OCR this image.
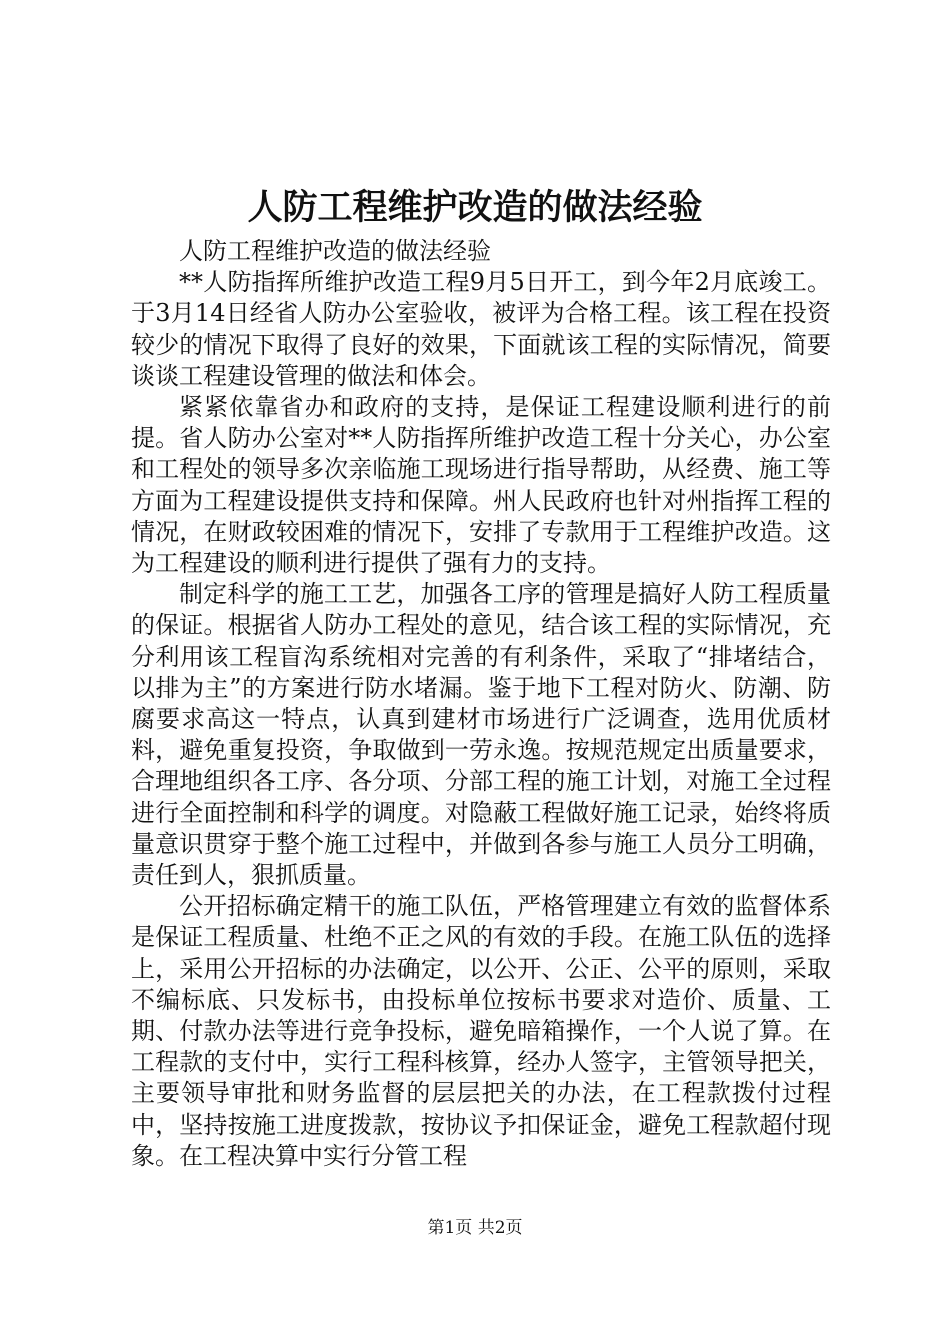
人防工程维护改造的做法经验

人防工程维护改造的做法经验

**人防指挥所维护改造工程9月5日开工，到今年2月底竣工。于3月14日经省人防办公室验收，被评为合格工程。该工程在投资较少的情况下取得了良好的效果，下面就该工程的实际情况，简要谈谈工程建设管理的做法和体会。

紧紧依靠省办和政府的支持，是保证工程建设顺利进行的前提。省人防办公室对**人防指挥所维护改造工程十分关心，办公室和工程处的领导多次亲临施工现场进行指导帮助，从经费、施工等方面为工程建设提供支持和保障。州人民政府也针对州指挥工程的情况，在财政较困难的情况下，安排了专款用于工程维护改造。这为工程建设的顺利进行提供了强有力的支持。

制定科学的施工工艺，加强各工序的管理是搞好人防工程质量的保证。根据省人防办工程处的意见，结合该工程的实际情况，充分利用该工程盲沟系统相对完善的有利条件，采取了“排堵结合，以排为主”的方案进行防水堵漏。鉴于地下工程对防火、防潮、防腐要求高这一特点，认真到建材市场进行广泛调查，选用优质材料，避免重复投资，争取做到一劳永逸。按规范规定出质量要求，合理地组织各工序、各分项、分部工程的施工计划，对施工全过程进行全面控制和科学的调度。对隐蔽工程做好施工记录，始终将质量意识贯穿于整个施工过程中，并做到各参与施工人员分工明确，责任到人，狠抓质量。

公开招标确定精干的施工队伍，严格管理建立有效的监督体系是保证工程质量、杜绝不正之风的有效的手段。在施工队伍的选择上，采用公开招标的办法确定，以公开、公正、公平的原则，采取不编标底、只发标书，由投标单位按标书要求对造价、质量、工期、付款办法等进行竞争投标，避免暗箱操作，一个人说了算。在工程款的支付中，实行工程科核算，经办人签字，主管领导把关，主要领导审批和财务监督的层层把关的办法，在工程款拨付过程中，坚持按施工进度拨款，按协议予扣保证金，避免工程款超付现象。在工程决算中实行分管工程

第1页 共2页
